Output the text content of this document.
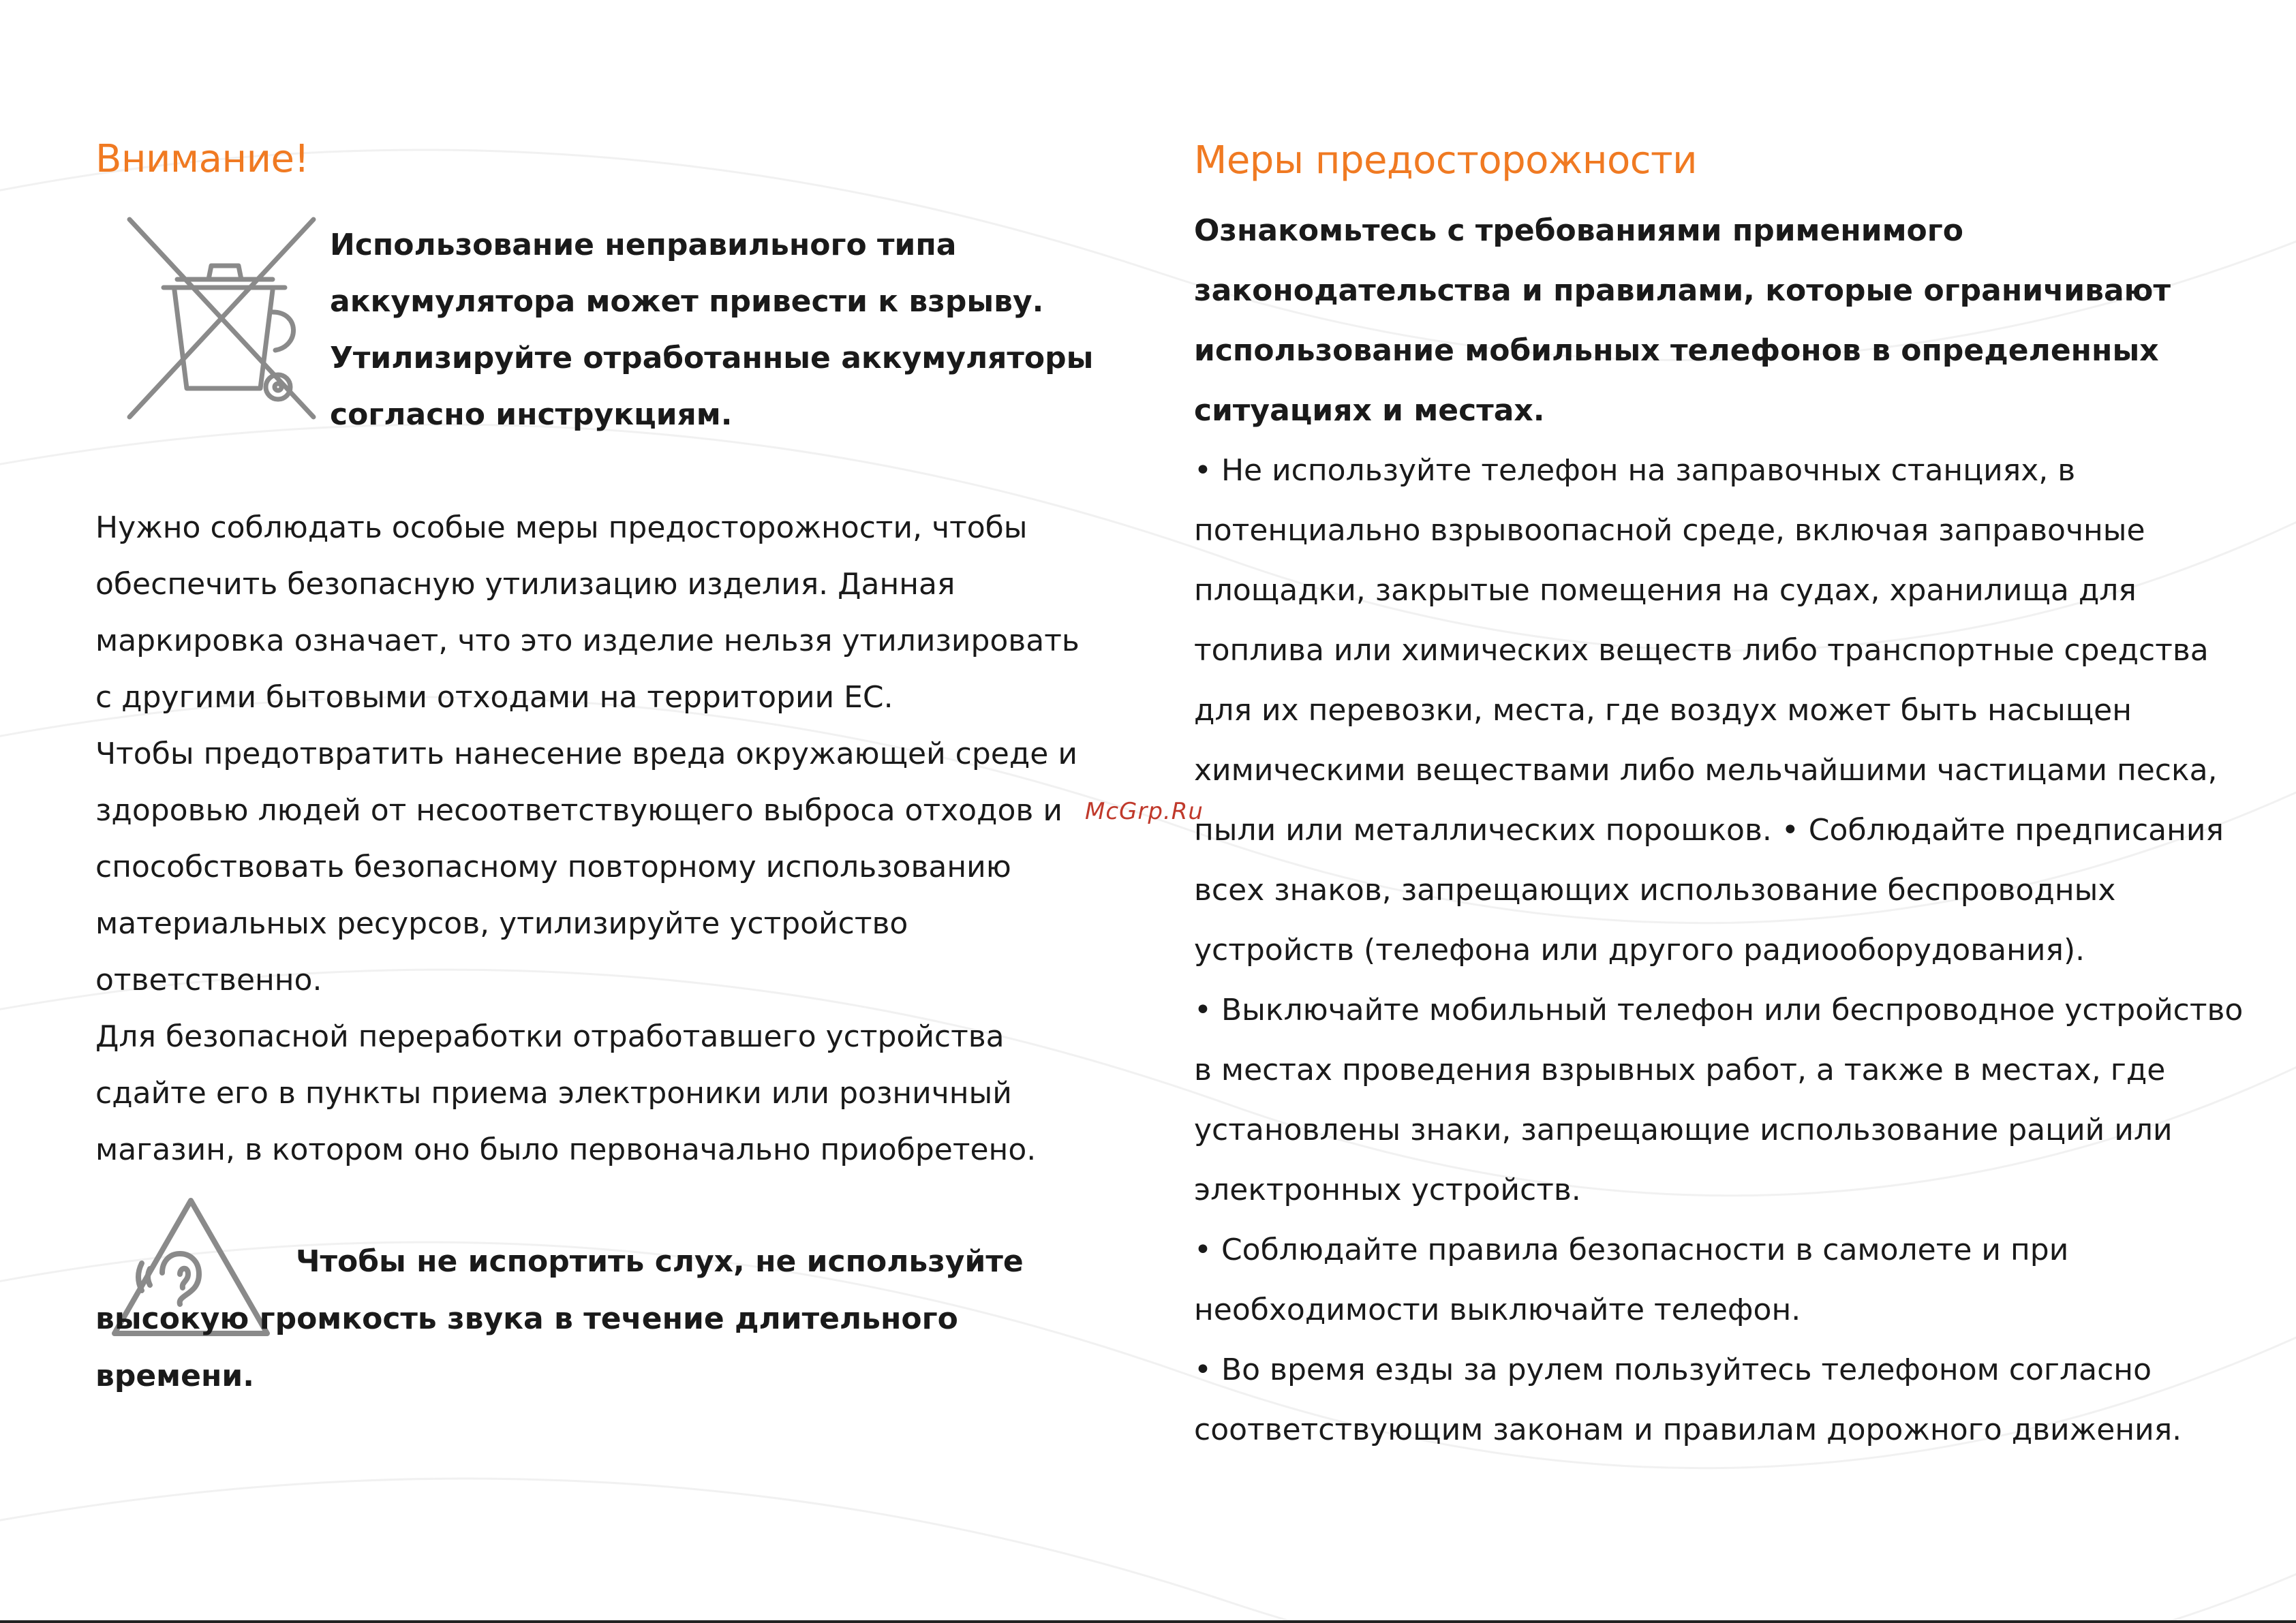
Внимание!

Использование неправильного типа аккумулятора может привести к взрыву. Утилизируйте отработанные аккумуляторы согласно инструкциям.

Нужно соблюдать особые меры предосторожности, чтобы обеспечить безопасную утилизацию изделия. Данная маркировка означает, что это изделие нельзя утилизировать с другими бытовыми отходами на территории ЕС.

Чтобы предотвратить нанесение вреда окружающей среде и здоровью людей от несоответствующего выброса отходов и способствовать безопасному повторному использованию материальных ресурсов, утилизируйте устройство ответственно.

Для безопасной переработки отработавшего устройства сдайте его в пункты приема электроники или розничный магазин, в котором оно было первоначально приобретено.

Чтобы не испортить слух, не используйте высокую громкость звука в течение длительного времени.

Меры предосторожности

Ознакомьтесь с требованиями применимого законодательства и правилами, которые ограничивают использование мобильных телефонов в определенных ситуациях и местах.

• Не используйте телефон на заправочных станциях, в потенциально взрывоопасной среде, включая заправочные площадки, закрытые помещения на судах, хранилища для топлива или химических веществ либо транспортные средства для их перевозки, места, где воздух может быть насыщен химическими веществами либо мельчайшими частицами песка, пыли или металлических порошков. • Соблюдайте предписания всех знаков, запрещающих использование беспроводных устройств (телефона или другого радиооборудования).

• Выключайте мобильный телефон или беспроводное устройство в местах проведения взрывных работ, а также в местах, где установлены знаки, запрещающие использование раций или электронных устройств.

• Соблюдайте правила безопасности в самолете и при необходимости выключайте телефон.

• Во время езды за рулем пользуйтесь телефоном согласно соответствующим законам и правилам дорожного движения.

McGrp.Ru
